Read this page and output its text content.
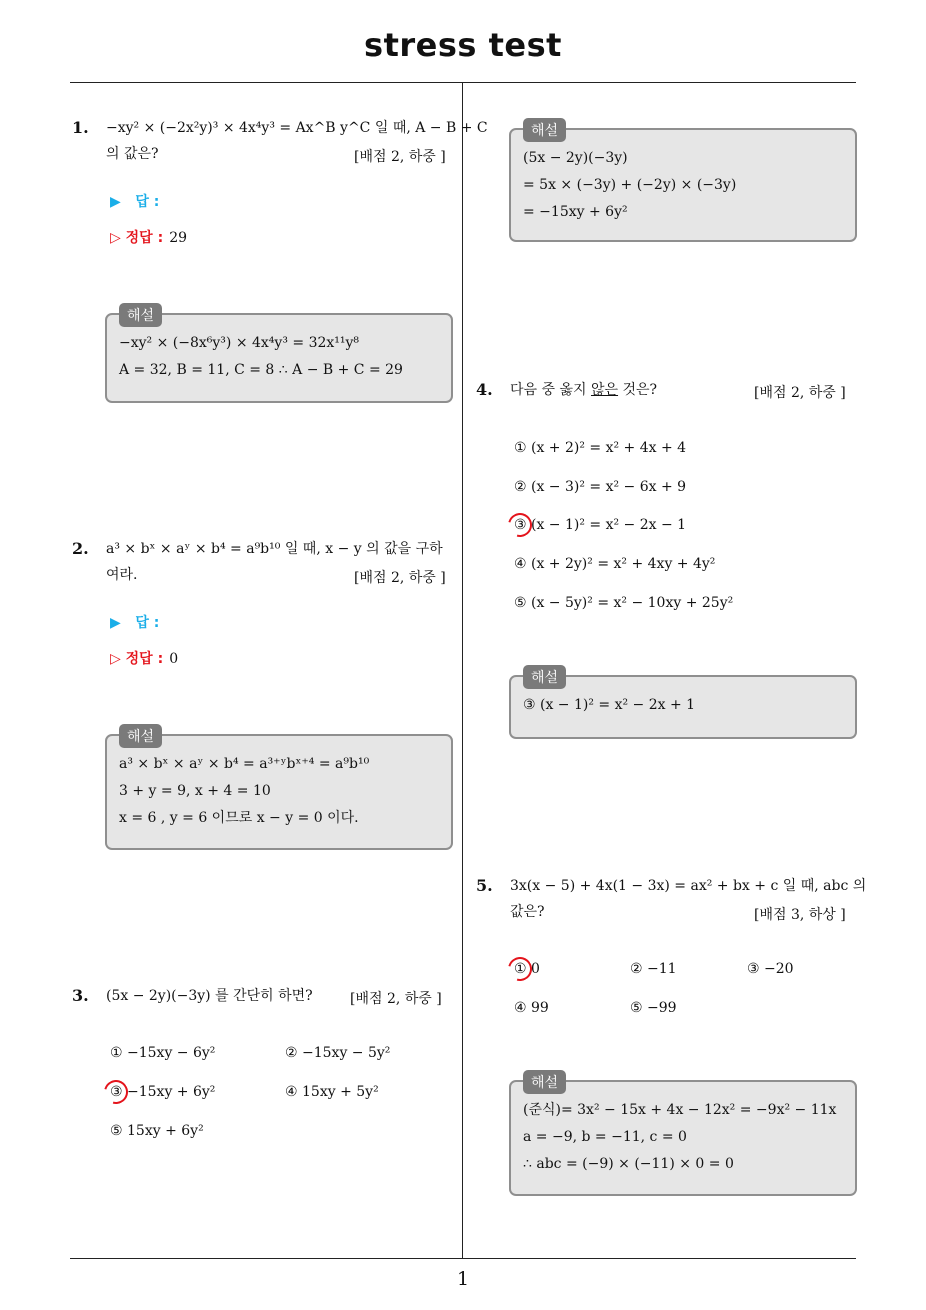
stress test
1
1. −xy² × (−2x²y)³ × 4x⁴y³ = Ax^B y^C 일 때, A − B + C
의 값은?	[배점 2, 하중 ]
▶ 답 :
▷ 정답 : 29
해설
−xy² × (−8x⁶y³) × 4x⁴y³ = 32x¹¹y⁸
A = 32, B = 11, C = 8 ∴ A − B + C = 29
2. a³ × bˣ × aʸ × b⁴ = a⁹b¹⁰ 일 때, x − y 의 값을 구하
여라.	[배점 2, 하중 ]
▶ 답 :
▷ 정답 : 0
해설
a³ × bˣ × aʸ × b⁴ = a³⁺ʸbˣ⁺⁴ = a⁹b¹⁰
3 + y = 9, x + 4 = 10
x = 6 , y = 6 이므로 x − y = 0 이다.
3. (5x − 2y)(−3y) 를 간단히 하면?	[배점 2, 하중 ]
① −15xy − 6y²	② −15xy − 5y²
③ −15xy + 6y²	④ 15xy + 5y²
⑤ 15xy + 6y²
해설
(5x − 2y)(−3y)
= 5x × (−3y) + (−2y) × (−3y)
= −15xy + 6y²
4. 다음 중 옳지 않은 것은?	[배점 2, 하중 ]
① (x + 2)² = x² + 4x + 4
② (x − 3)² = x² − 6x + 9
③ (x − 1)² = x² − 2x − 1
④ (x + 2y)² = x² + 4xy + 4y²
⑤ (x − 5y)² = x² − 10xy + 25y²
해설
③ (x − 1)² = x² − 2x + 1
5. 3x(x − 5) + 4x(1 − 3x) = ax² + bx + c 일 때, abc 의
값은?	[배점 3, 하상 ]
① 0	② −11	③ −20
④ 99	⑤ −99
해설
(준식)= 3x² − 15x + 4x − 12x² = −9x² − 11x
a = −9, b = −11, c = 0
∴ abc = (−9) × (−11) × 0 = 0
